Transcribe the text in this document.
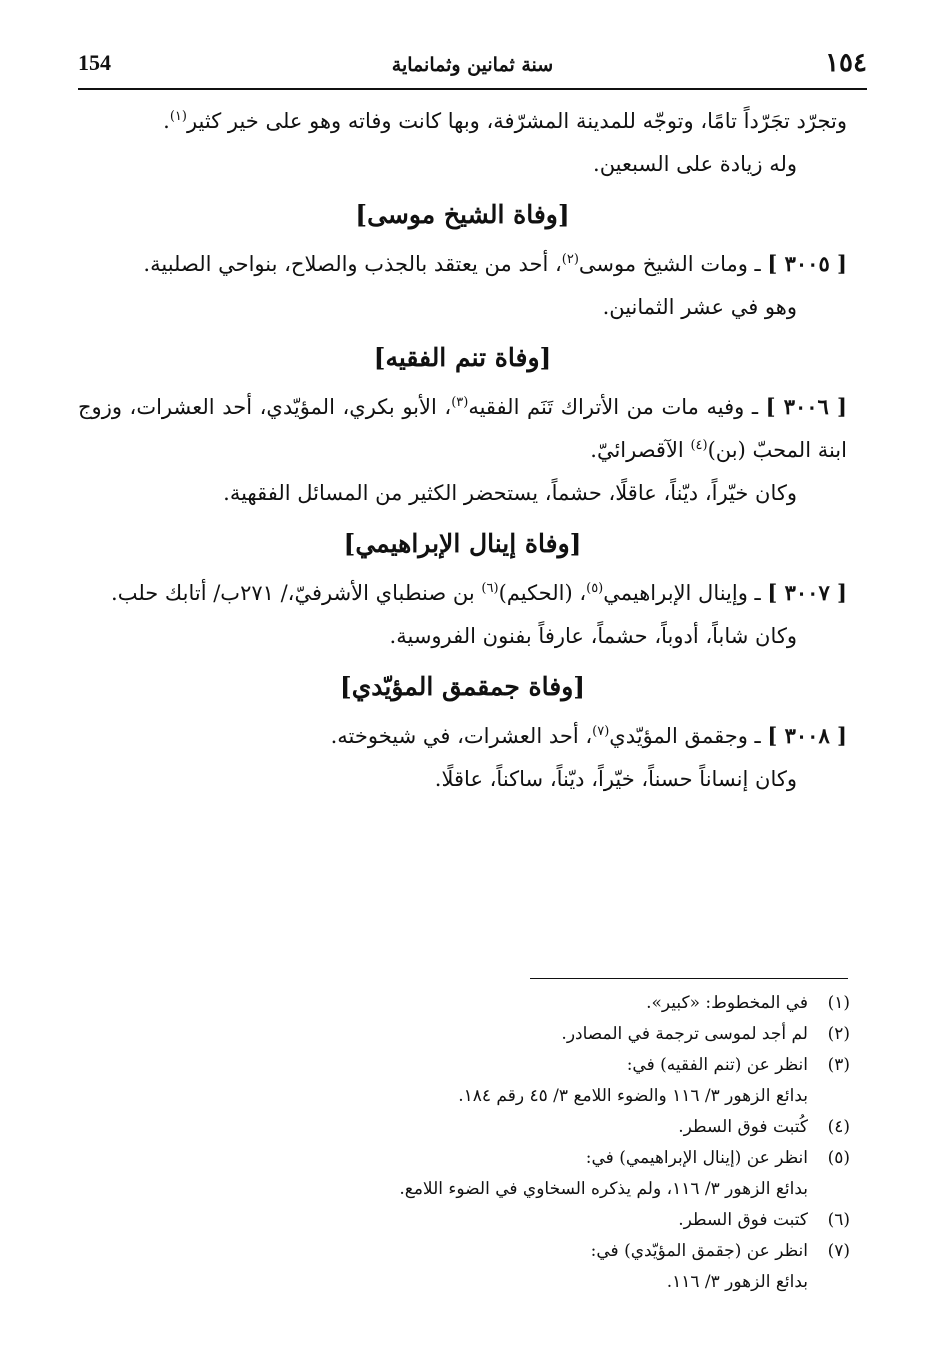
١٥٤
سنة ثمانين وثمانماية
154

وتجرّد تجَرّداً تامًا، وتوجّه للمدينة المشرّفة، وبها كانت وفاته وهو على خير كثير$^{(١)}$.

وله زيادة على السبعين.

[وفاة الشيخ موسى]

[ ٣٠٠٥ ] ـ ومات الشيخ موسى$^{(٢)}$، أحد من يعتقد بالجذب والصلاح، بنواحي الصلبية.

وهو في عشر الثمانين.

[وفاة تنم الفقيه]

[ ٣٠٠٦ ] ـ وفيه مات من الأتراك تَنَم الفقيه$^{(٣)}$، الأبو بكري، المؤيّدي، أحد العشرات، وزوج ابنة المحبّ (بن)$^{(٤)}$ الآقصرائيّ.

وكان خيّراً، ديّناً، عاقلًا، حشماً، يستحضر الكثير من المسائل الفقهية.

[وفاة إينال الإبراهيمي]

[ ٣٠٠٧ ] ـ وإينال الإبراهيمي$^{(٥)}$، (الحكيم)$^{(٦)}$ بن صنطباي الأشرفيّ،/ ٢٧١ب/ أتابك حلب.

وكان شاباً، أدوباً، حشماً، عارفاً بفنون الفروسية.

[وفاة جمقمق المؤيّدي]

[ ٣٠٠٨ ] ـ وجقمق المؤيّدي$^{(٧)}$، أحد العشرات، في شيخوخته.

وكان إنساناً حسناً، خيّراً، ديّناً، ساكناً، عاقلًا.

(١)
في المخطوط: «كبير».
(٢)
لم أجد لموسى ترجمة في المصادر.
(٣)
انظر عن (تنم الفقيه) في:
بدائع الزهور ٣/ ١١٦ والضوء اللامع ٣/ ٤٥ رقم ١٨٤.
(٤)
كُتبت فوق السطر.
(٥)
انظر عن (إينال الإبراهيمي) في:
بدائع الزهور ٣/ ١١٦، ولم يذكره السخاوي في الضوء اللامع.
(٦)
كتبت فوق السطر.
(٧)
انظر عن (جقمق المؤيّدي) في:
بدائع الزهور ٣/ ١١٦.
